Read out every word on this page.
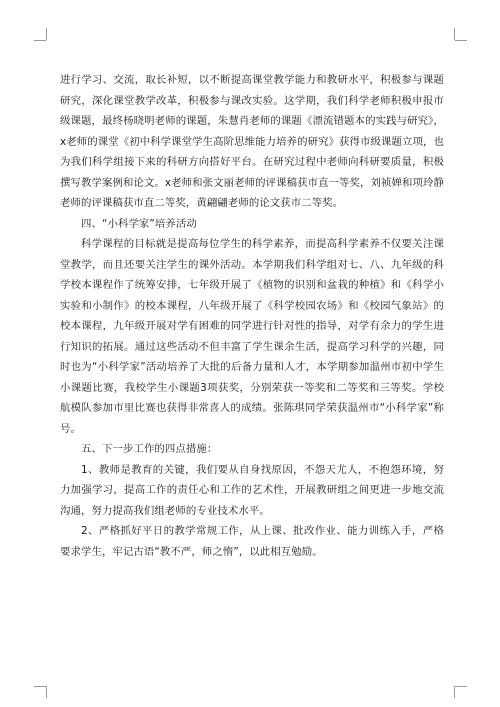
进行学习、交流，取长补短，以不断提高课堂教学能力和教研水平，积极参与课题研究，深化课堂教学改革，积极参与课改实验。这学期，我们科学老师积极申报市级课题，最终杨晓明老师的课题，朱慧肖老师的课题《漂流错题本的实践与研究》，x老师的课堂《初中科学课堂学生高阶思维能力培养的研究》获得市级课题立项，也为我们科学组接下来的科研方向搭好平台。在研究过程中老师向科研要质量，积极撰写教学案例和论文。x老师和张文丽老师的评课稿获市直一等奖，刘祯婵和项玲静老师的评课稿获市直二等奖，黄翩翩老师的论文获市二等奖。

四、“小科学家”培养活动

科学课程的目标就是提高每位学生的科学素养，而提高科学素养不仅要关注课堂教学，而且还要关注学生的课外活动。本学期我们科学组对七、八、九年级的科学校本课程作了统筹安排，七年级开展了《植物的识别和盆栽的种植》和《科学小实验和小制作》的校本课程，八年级开展了《科学校园农场》和《校园气象站》的校本课程，九年级开展对学有困难的同学进行针对性的指导，对学有余力的学生进行知识的拓展。通过这些活动不但丰富了学生课余生活，提高学习科学的兴趣，同时也为“小科学家”活动培养了大批的后备力量和人才，本学期参加温州市初中学生小课题比赛，我校学生小课题3项获奖，分别荣获一等奖和二等奖和三等奖。学校航模队参加市里比赛也获得非常喜人的成绩。张陈琪同学荣获温州市“小科学家”称号。

五、下一步工作的四点措施：

1、教师是教育的关键，我们要从自身找原因，不怨天尤人，不抱怨环境，努力加强学习，提高工作的责任心和工作的艺术性，开展教研组之间更进一步地交流沟通，努力提高我们组老师的专业技术水平。

2、严格抓好平日的教学常规工作，从上课、批改作业、能力训练入手，严格要求学生，牢记古语“教不严，师之惰”，以此相互勉励。
